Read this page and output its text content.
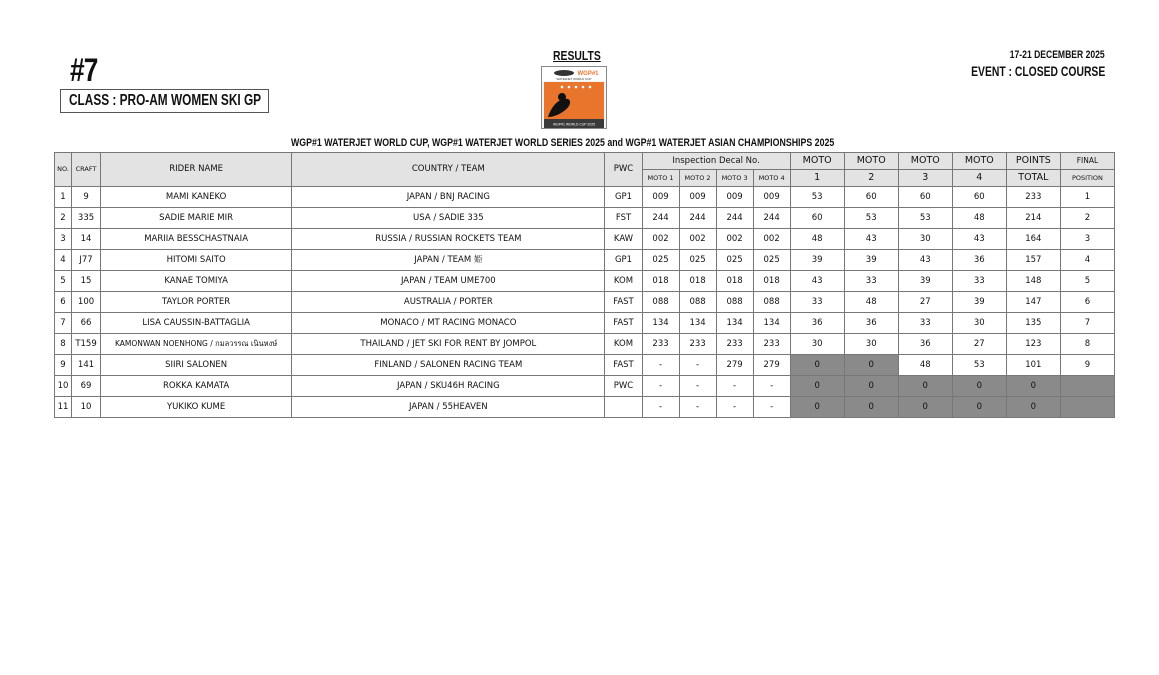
#7
CLASS : PRO-AM WOMEN SKI GP
RESULTS
WGP#1
WATERJET WORLD CUP
WGP#1 WORLD CUP 2025
17-21 DECEMBER 2025
EVENT : CLOSED COURSE
WGP#1 WATERJET WORLD CUP, WGP#1 WATERJET WORLD SERIES 2025 and WGP#1 WATERJET ASIAN CHAMPIONSHIPS 2025
NO.	CRAFT	RIDER NAME	COUNTRY / TEAM	PWC	Inspection Decal No.				MOTO	MOTO	MOTO	MOTO	POINTS	FINAL
					MOTO 1	MOTO 2	MOTO 3	MOTO 4	1	2	3	4	TOTAL	POSITION
1	9	MAMI KANEKO	JAPAN / BNJ RACING	GP1	009	009	009	009	53	60	60	60	233	1
2	335	SADIE MARIE MIR	USA / SADIE 335	FST	244	244	244	244	60	53	53	48	214	2
3	14	MARIIA BESSCHASTNAIA	RUSSIA / RUSSIAN ROCKETS TEAM	KAW	002	002	002	002	48	43	30	43	164	3
4	J77	HITOMI SAITO	JAPAN / TEAM 姫	GP1	025	025	025	025	39	39	43	36	157	4
5	15	KANAE TOMIYA	JAPAN / TEAM UME700	KOM	018	018	018	018	43	33	39	33	148	5
6	100	TAYLOR PORTER	AUSTRALIA / PORTER	FAST	088	088	088	088	33	48	27	39	147	6
7	66	LISA CAUSSIN-BATTAGLIA	MONACO / MT RACING MONACO	FAST	134	134	134	134	36	36	33	30	135	7
8	T159	KAMONWAN NOENHONG / กมลวรรณ เนินหงษ์	THAILAND / JET SKI FOR RENT BY JOMPOL	KOM	233	233	233	233	30	30	36	27	123	8
9	141	SIIRI SALONEN	FINLAND / SALONEN RACING TEAM	FAST	-	-	279	279	0	0	48	53	101	9
10	69	ROKKA KAMATA	JAPAN / SKU46H RACING	PWC	-	-	-	-	0	0	0	0	0	
11	10	YUKIKO KUME	JAPAN / 55HEAVEN		-	-	-	-	0	0	0	0	0	
